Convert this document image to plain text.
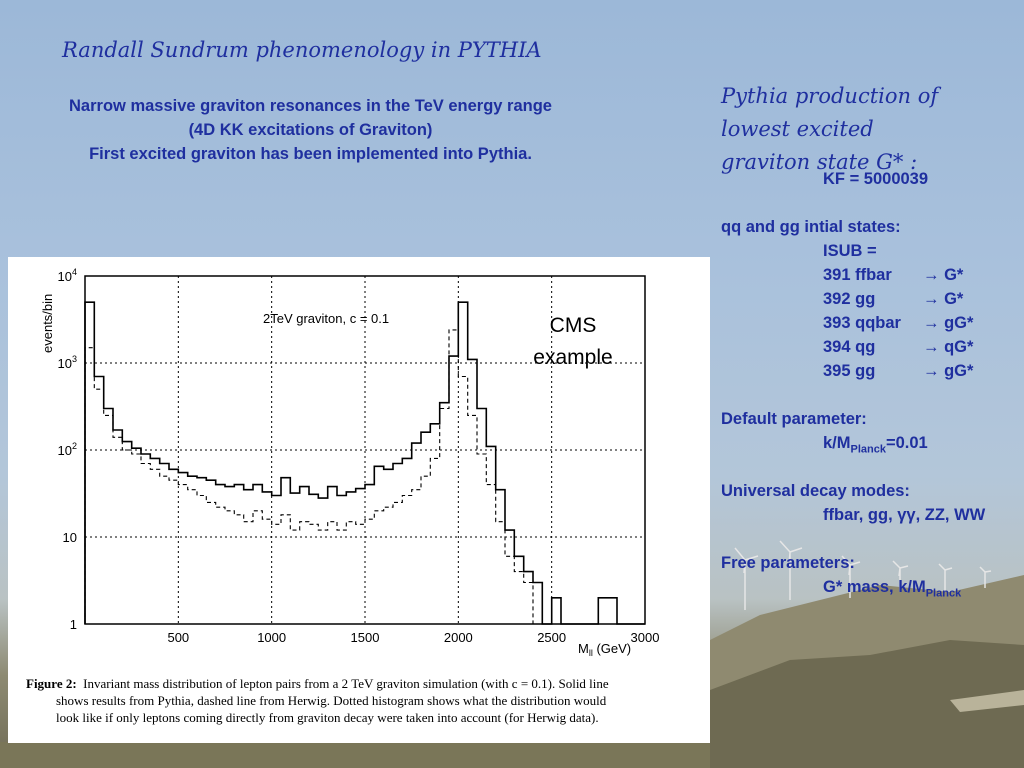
Randall Sundrum phenomenology in PYTHIA
Narrow massive graviton resonances in the TeV energy range
(4D KK excitations of Graviton)
First excited graviton has been implemented into Pythia.
Pythia production of
lowest excited
graviton state G* :
KF = 5000039
qq and gg intial states:
ISUB =
391 ffbar → G*
392 gg	→ G*
393 qqbar → gG*
394 qg	→ qG*
395 gg	→ gG*
Default parameter:
$k/M_{Planck}=0.01$
Universal decay modes:
ffbar, gg, γγ, ZZ, WW
Free parameters:
G* mass, $k/M_{Planck}$
500	1000	1500	2000	2500	3000
1
10
$10^2$
$10^3$
$10^4$
2TeV graviton, c = 0.1
events/bin
$M_{ll}$ (GeV)
CMS
example
Figure 2: Invariant mass distribution of lepton pairs from a 2 TeV graviton simulation (with c = 0.1). Solid line
shows results from Pythia, dashed line from Herwig. Dotted histogram shows what the distribution would
look like if only leptons coming directly from graviton decay were taken into account (for Herwig data).
